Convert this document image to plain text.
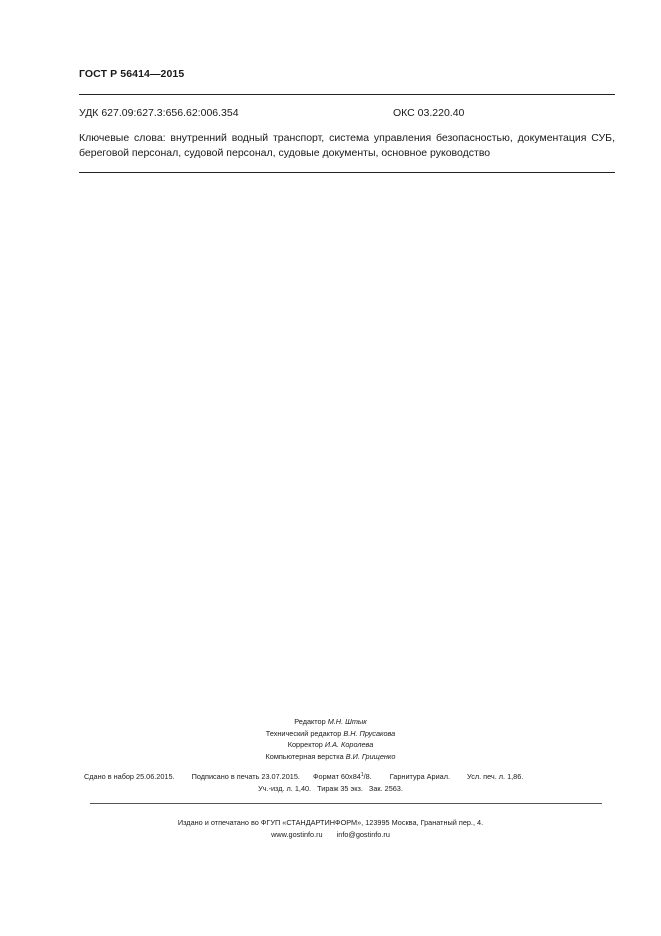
ГОСТ Р 56414—2015
УДК 627.09:627.3:656.62:006.354	ОКС 03.220.40
Ключевые слова: внутренний водный транспорт, система управления безопасностью, документация СУБ, береговой персонал, судовой персонал, судовые документы, основное руководство
Редактор М.Н. Штык
Технический редактор В.Н. Прусакова
Корректор И.А. Королева
Компьютерная верстка В.И. Грищенко
Сдано в набор 25.06.2015. Подписано в печать 23.07.2015. Формат $60х84^1/8$. Гарнитура Ариал. Усл. печ. л. 1,86.
Уч.-изд. л. 1,40. Тираж 35 экз. Зак. 2563.
Издано и отпечатано во ФГУП «СТАНДАРТИНФОРМ», 123995 Москва, Гранатный пер., 4.
www.gostinfo.ru info@gostinfo.ru
